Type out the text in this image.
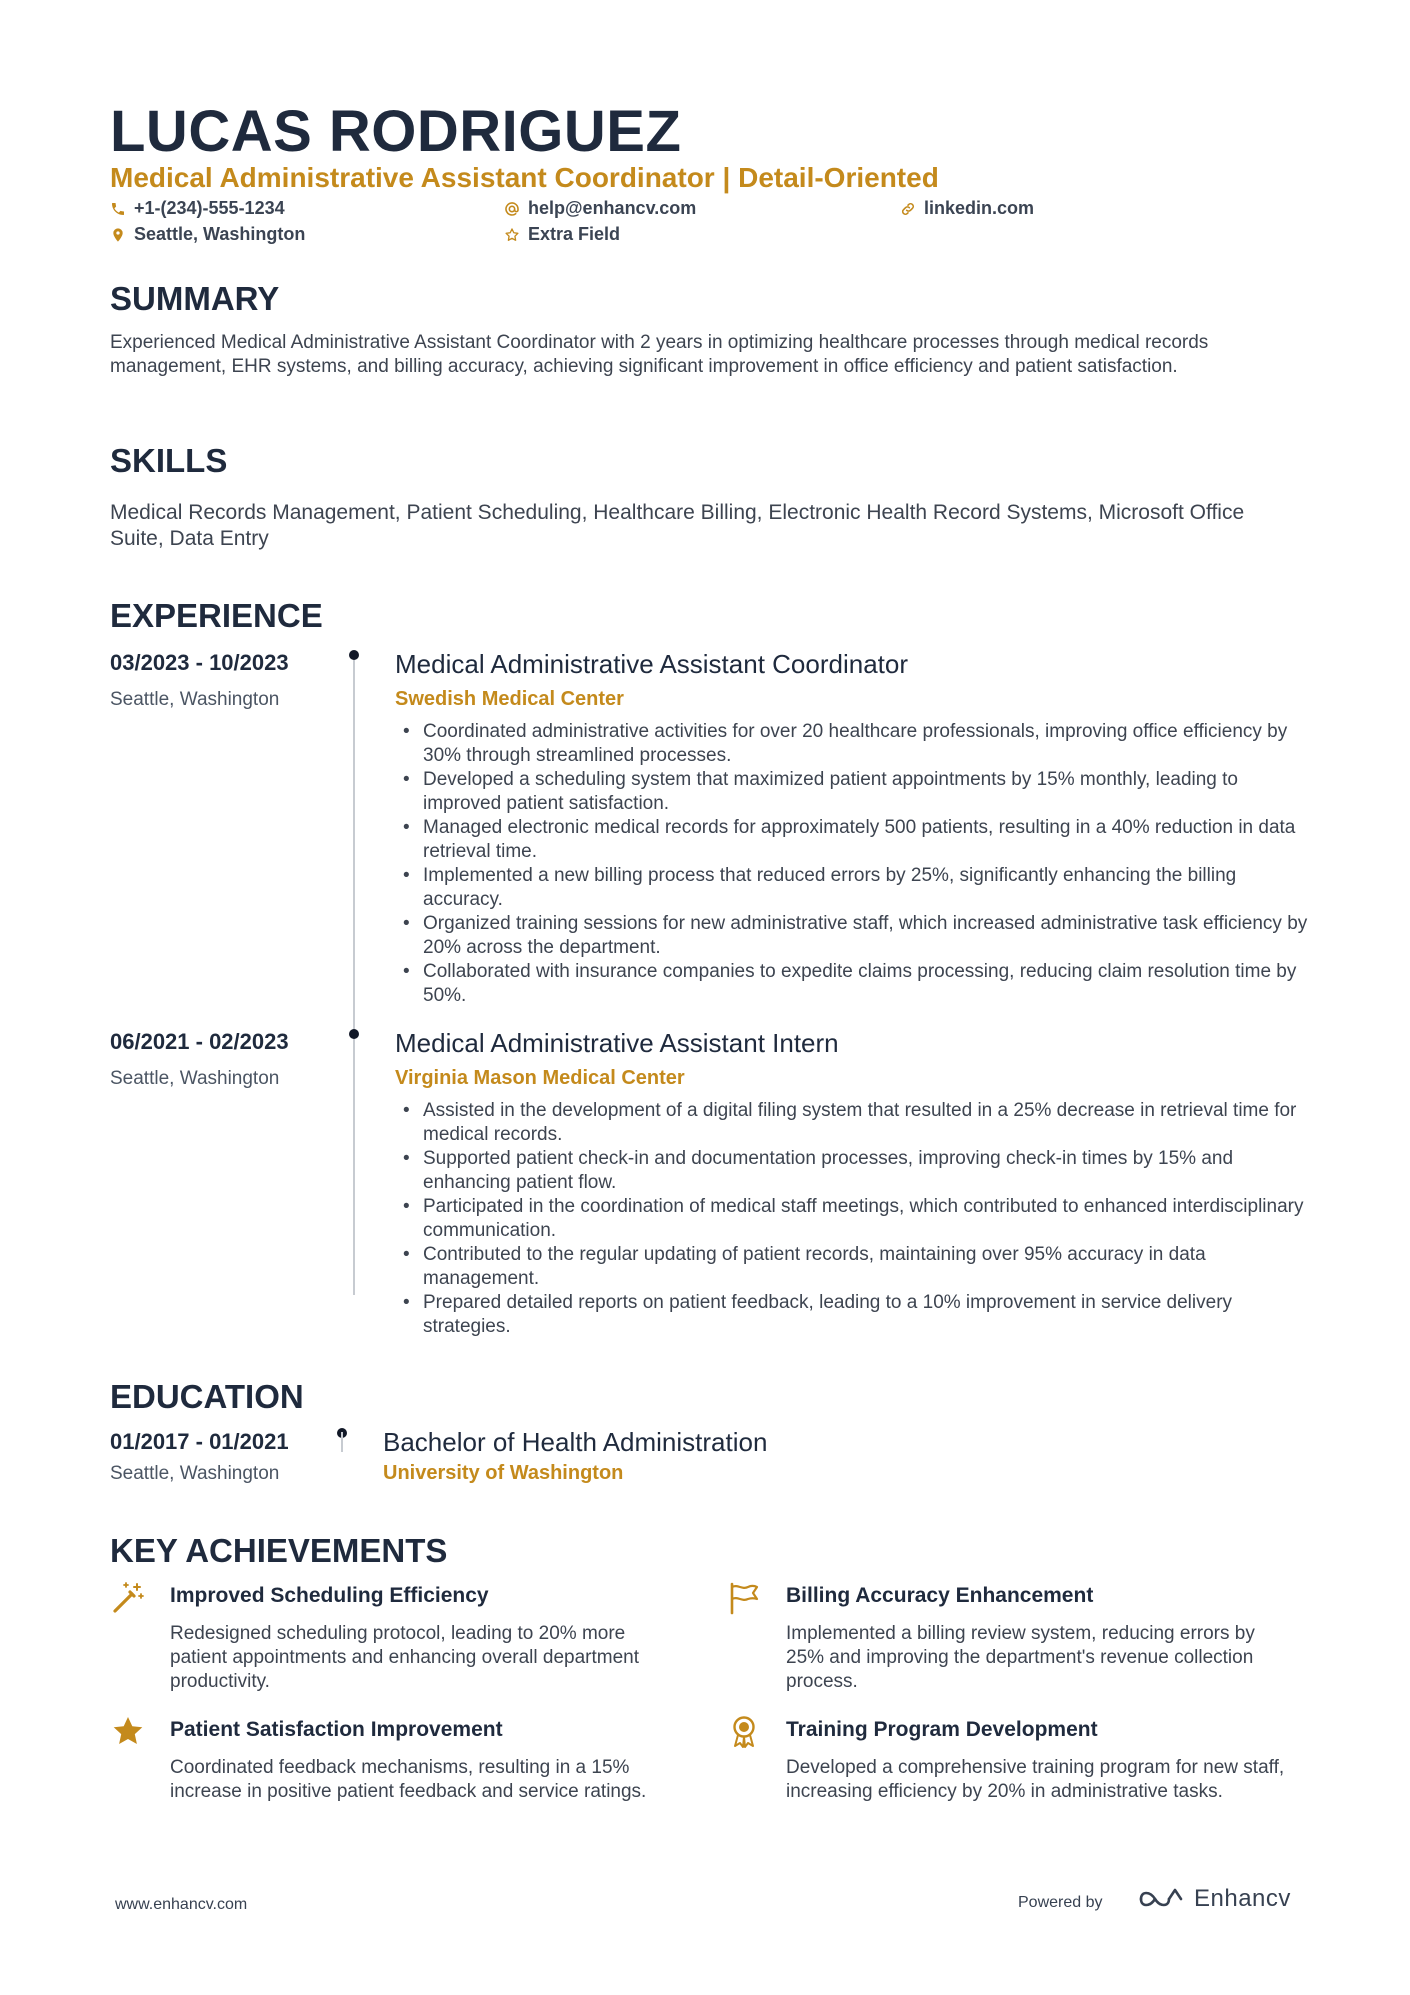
LUCAS RODRIGUEZ
Medical Administrative Assistant Coordinator | Detail-Oriented
+1-(234)-555-1234	help@enhancv.com	linkedin.com
Seattle, Washington	Extra Field
SUMMARY
Experienced Medical Administrative Assistant Coordinator with 2 years in optimizing healthcare processes through medical records management, EHR systems, and billing accuracy, achieving significant improvement in office efficiency and patient satisfaction.
SKILLS
Medical Records Management, Patient Scheduling, Healthcare Billing, Electronic Health Record Systems, Microsoft Office Suite, Data Entry
EXPERIENCE
03/2023 - 10/2023
Seattle, Washington
Medical Administrative Assistant Coordinator
Swedish Medical Center
• Coordinated administrative activities for over 20 healthcare professionals, improving office efficiency by 30% through streamlined processes.
• Developed a scheduling system that maximized patient appointments by 15% monthly, leading to improved patient satisfaction.
• Managed electronic medical records for approximately 500 patients, resulting in a 40% reduction in data retrieval time.
• Implemented a new billing process that reduced errors by 25%, significantly enhancing the billing accuracy.
• Organized training sessions for new administrative staff, which increased administrative task efficiency by 20% across the department.
• Collaborated with insurance companies to expedite claims processing, reducing claim resolution time by 50%.
06/2021 - 02/2023
Seattle, Washington
Medical Administrative Assistant Intern
Virginia Mason Medical Center
• Assisted in the development of a digital filing system that resulted in a 25% decrease in retrieval time for medical records.
• Supported patient check-in and documentation processes, improving check-in times by 15% and enhancing patient flow.
• Participated in the coordination of medical staff meetings, which contributed to enhanced interdisciplinary communication.
• Contributed to the regular updating of patient records, maintaining over 95% accuracy in data management.
• Prepared detailed reports on patient feedback, leading to a 10% improvement in service delivery strategies.
EDUCATION
01/2017 - 01/2021
Seattle, Washington
Bachelor of Health Administration
University of Washington
KEY ACHIEVEMENTS
Improved Scheduling Efficiency
Redesigned scheduling protocol, leading to 20% more patient appointments and enhancing overall department productivity.
Billing Accuracy Enhancement
Implemented a billing review system, reducing errors by 25% and improving the department's revenue collection process.
Patient Satisfaction Improvement
Coordinated feedback mechanisms, resulting in a 15% increase in positive patient feedback and service ratings.
Training Program Development
Developed a comprehensive training program for new staff, increasing efficiency by 20% in administrative tasks.
www.enhancv.com	Powered by	Enhancv
